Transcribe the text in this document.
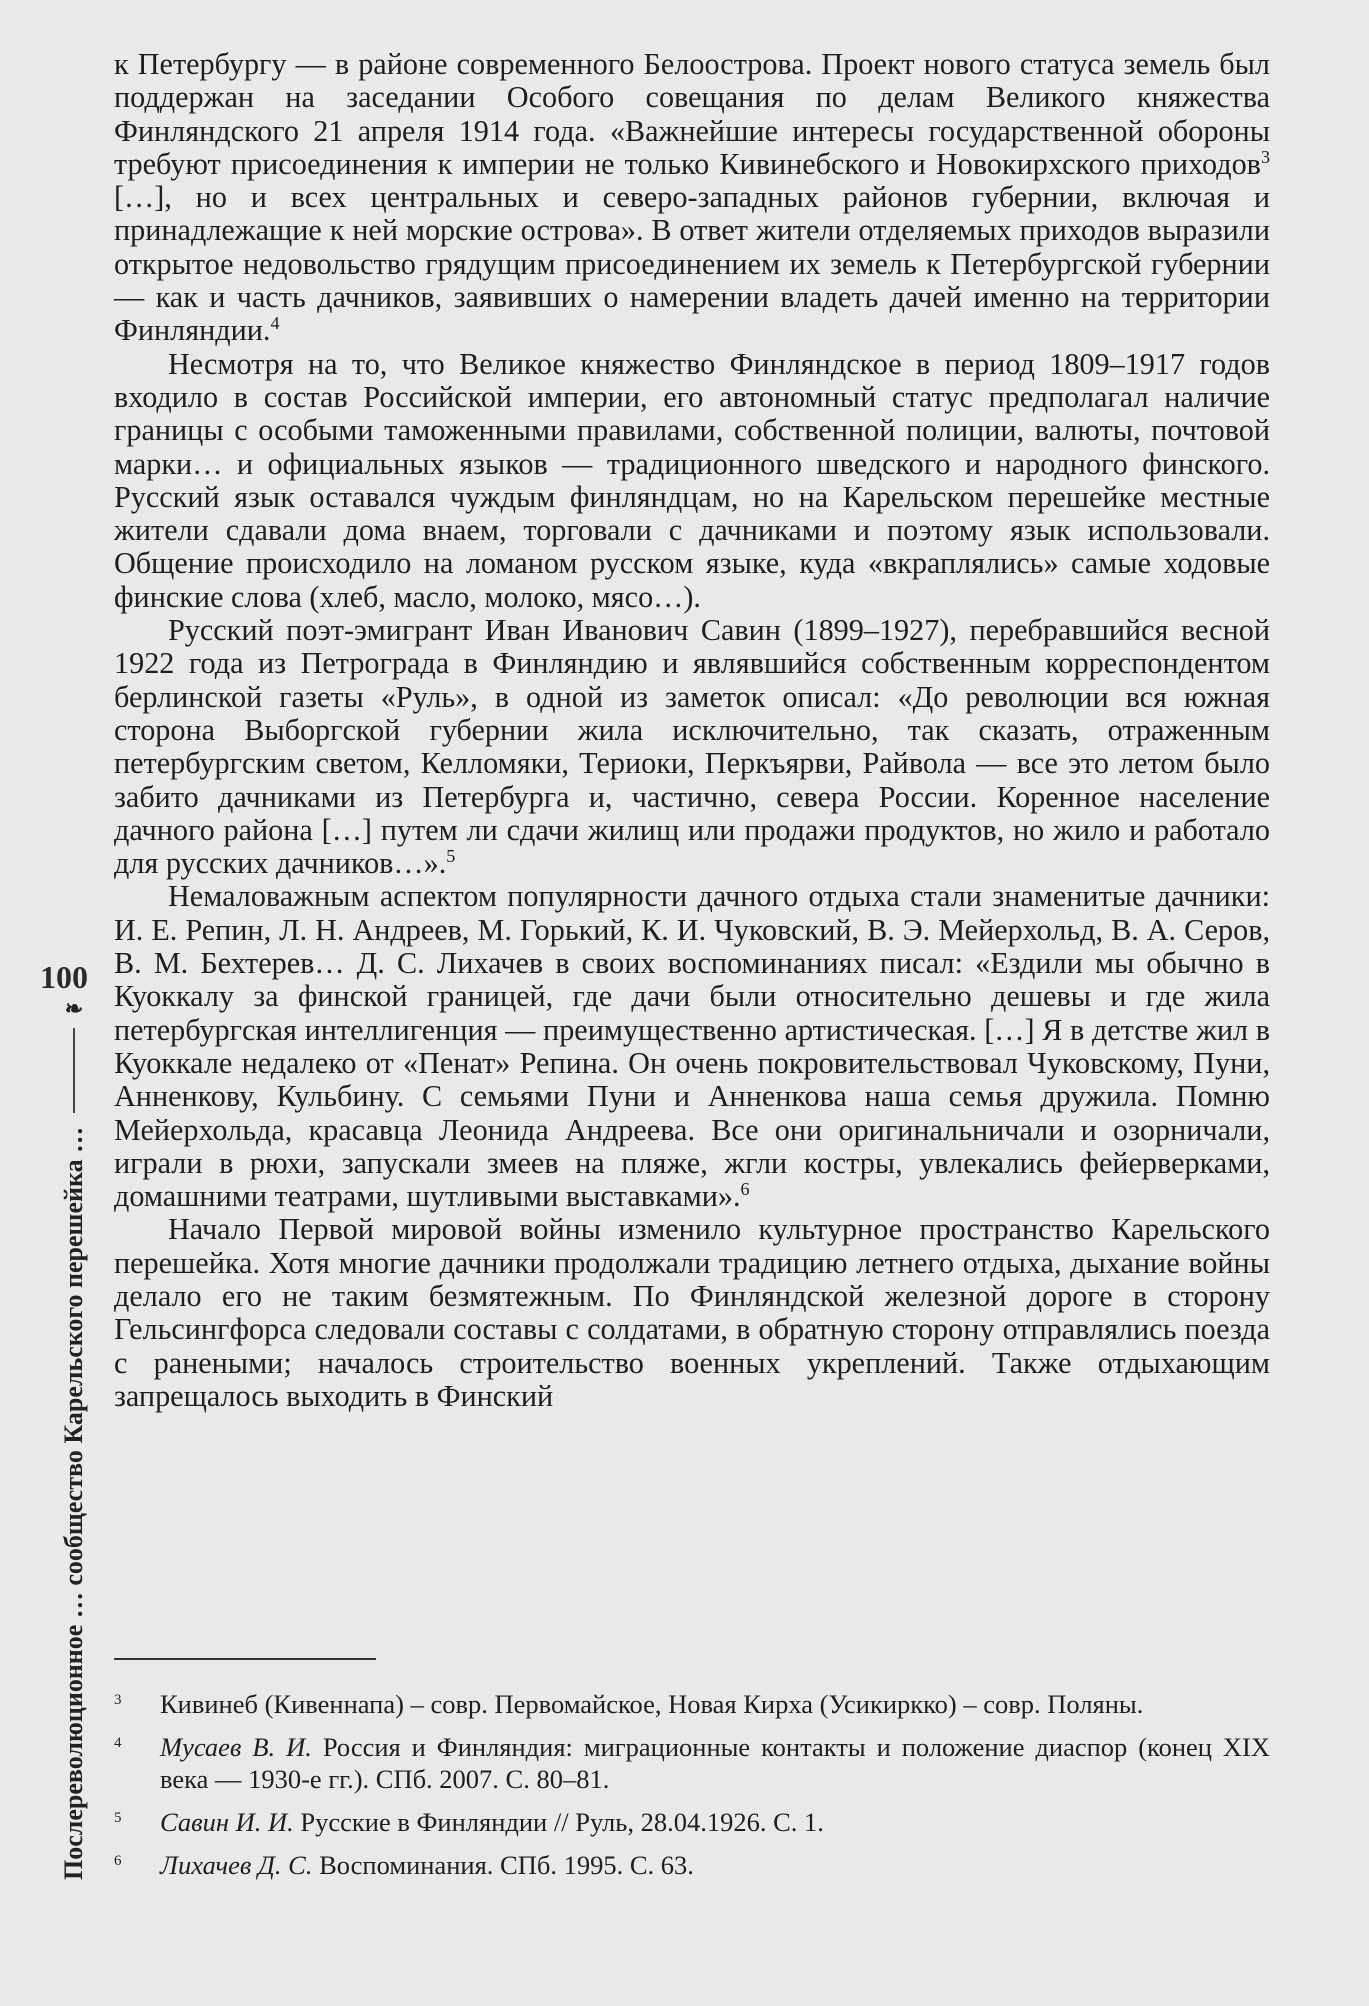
100
Послереволюционное … сообщество Карельского перешейка …
❧

к Петербургу — в районе современного Белоострова. Проект нового статуса земель был поддержан на заседании Особого совещания по делам Великого княжества Финляндского 21 апреля 1914 года. «Важнейшие интересы государственной обороны требуют присоединения к империи не только Кивинебского и Новокирхского приходов$^3$ […], но и всех центральных и северо-западных районов губернии, включая и принадлежащие к ней морские острова». В ответ жители отделяемых приходов выразили открытое недовольство грядущим присоединением их земель к Петербургской губернии — как и часть дачников, заявивших о намерении владеть дачей именно на территории Финляндии.$^4$

Несмотря на то, что Великое княжество Финляндское в период 1809–1917 годов входило в состав Российской империи, его автономный статус предполагал наличие границы с особыми таможенными правилами, собственной полиции, валюты, почтовой марки… и официальных языков — традиционного шведского и народного финского. Русский язык оставался чуждым финляндцам, но на Карельском перешейке местные жители сдавали дома внаем, торговали с дачниками и поэтому язык использовали. Общение происходило на ломаном русском языке, куда «вкраплялись» самые ходовые финские слова (хлеб, масло, молоко, мясо…).

Русский поэт-эмигрант Иван Иванович Савин (1899–1927), перебравшийся весной 1922 года из Петрограда в Финляндию и являвшийся собственным корреспондентом берлинской газеты «Руль», в одной из заметок описал: «До революции вся южная сторона Выборгской губернии жила исключительно, так сказать, отраженным петербургским светом, Келломяки, Териоки, Перкъярви, Райвола — все это летом было забито дачниками из Петербурга и, частично, севера России. Коренное население дачного района […] путем ли сдачи жилищ или продажи продуктов, но жило и работало для русских дачников…».$^5$

Немаловажным аспектом популярности дачного отдыха стали знаменитые дачники: И. Е. Репин, Л. Н. Андреев, М. Горький, К. И. Чуковский, В. Э. Мейерхольд, В. А. Серов, В. М. Бехтерев… Д. С. Лихачев в своих воспоминаниях писал: «Ездили мы обычно в Куоккалу за финской границей, где дачи были относительно дешевы и где жила петербургская интеллигенция — преимущественно артистическая. […] Я в детстве жил в Куоккале недалеко от «Пенат» Репина. Он очень покровительствовал Чуковскому, Пуни, Анненкову, Кульбину. С семьями Пуни и Анненкова наша семья дружила. Помню Мейерхольда, красавца Леонида Андреева. Все они оригинальничали и озорничали, играли в рюхи, запускали змеев на пляже, жгли костры, увлекались фейерверками, домашними театрами, шутливыми выставками».$^6$

Начало Первой мировой войны изменило культурное пространство Карельского перешейка. Хотя многие дачники продолжали традицию летнего отдыха, дыхание войны делало его не таким безмятежным. По Финляндской железной дороге в сторону Гельсингфорса следовали составы с солдатами, в обратную сторону отправлялись поезда с ранеными; началось строительство военных укреплений. Также отдыхающим запрещалось выходить в Финский

3 Кивинеб (Кивеннапа) – совр. Первомайское, Новая Кирха (Усикиркко) – совр. Поляны.
4 Мусаев В. И. Россия и Финляндия: миграционные контакты и положение диаспор (конец XIX века — 1930-е гг.). СПб. 2007. С. 80–81.
5 Савин И. И. Русские в Финляндии // Руль, 28.04.1926. С. 1.
6 Лихачев Д. С. Воспоминания. СПб. 1995. С. 63.
